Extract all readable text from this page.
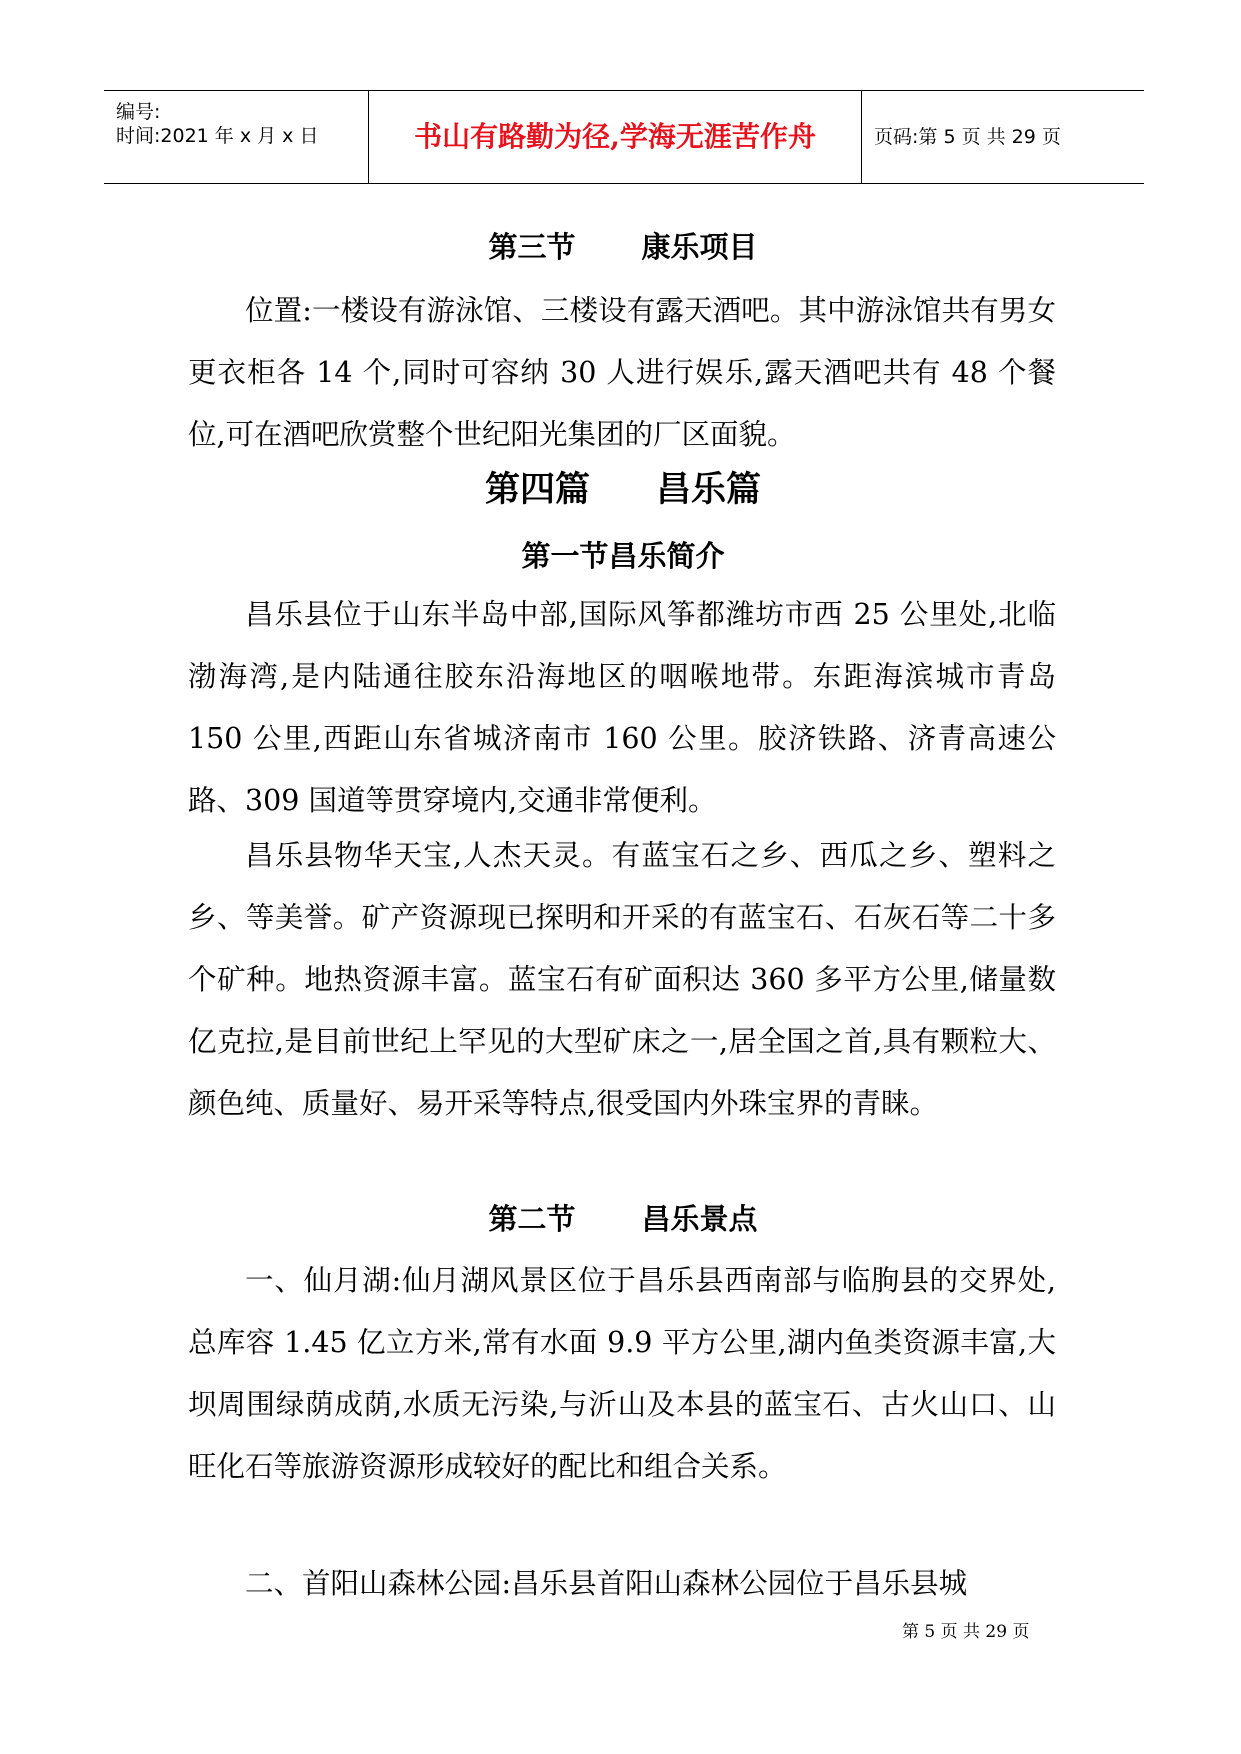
编号:
时间:2021 年 x 月 x 日	书山有路勤为径,学海无涯苦作舟	页码:第 5 页 共 29 页
第三节 康乐项目
位置:一楼设有游泳馆、三楼设有露天酒吧。其中游泳馆共有男女更衣柜各 14 个,同时可容纳 30 人进行娱乐,露天酒吧共有 48 个餐位,可在酒吧欣赏整个世纪阳光集团的厂区面貌。
第四篇 昌乐篇
第一节昌乐简介
昌乐县位于山东半岛中部,国际风筝都潍坊市西 25 公里处,北临渤海湾,是内陆通往胶东沿海地区的咽喉地带。东距海滨城市青岛 150 公里,西距山东省城济南市 160 公里。胶济铁路、济青高速公路、309 国道等贯穿境内,交通非常便利。
昌乐县物华天宝,人杰天灵。有蓝宝石之乡、西瓜之乡、塑料之乡、等美誉。矿产资源现已探明和开采的有蓝宝石、石灰石等二十多个矿种。地热资源丰富。蓝宝石有矿面积达 360 多平方公里,储量数亿克拉,是目前世纪上罕见的大型矿床之一,居全国之首,具有颗粒大、颜色纯、质量好、易开采等特点,很受国内外珠宝界的青睐。
第二节 昌乐景点
一、仙月湖:仙月湖风景区位于昌乐县西南部与临朐县的交界处,总库容 1.45 亿立方米,常有水面 9.9 平方公里,湖内鱼类资源丰富,大坝周围绿荫成荫,水质无污染,与沂山及本县的蓝宝石、古火山口、山旺化石等旅游资源形成较好的配比和组合关系。
二、首阳山森林公园:昌乐县首阳山森林公园位于昌乐县城
第 5 页 共 29 页
